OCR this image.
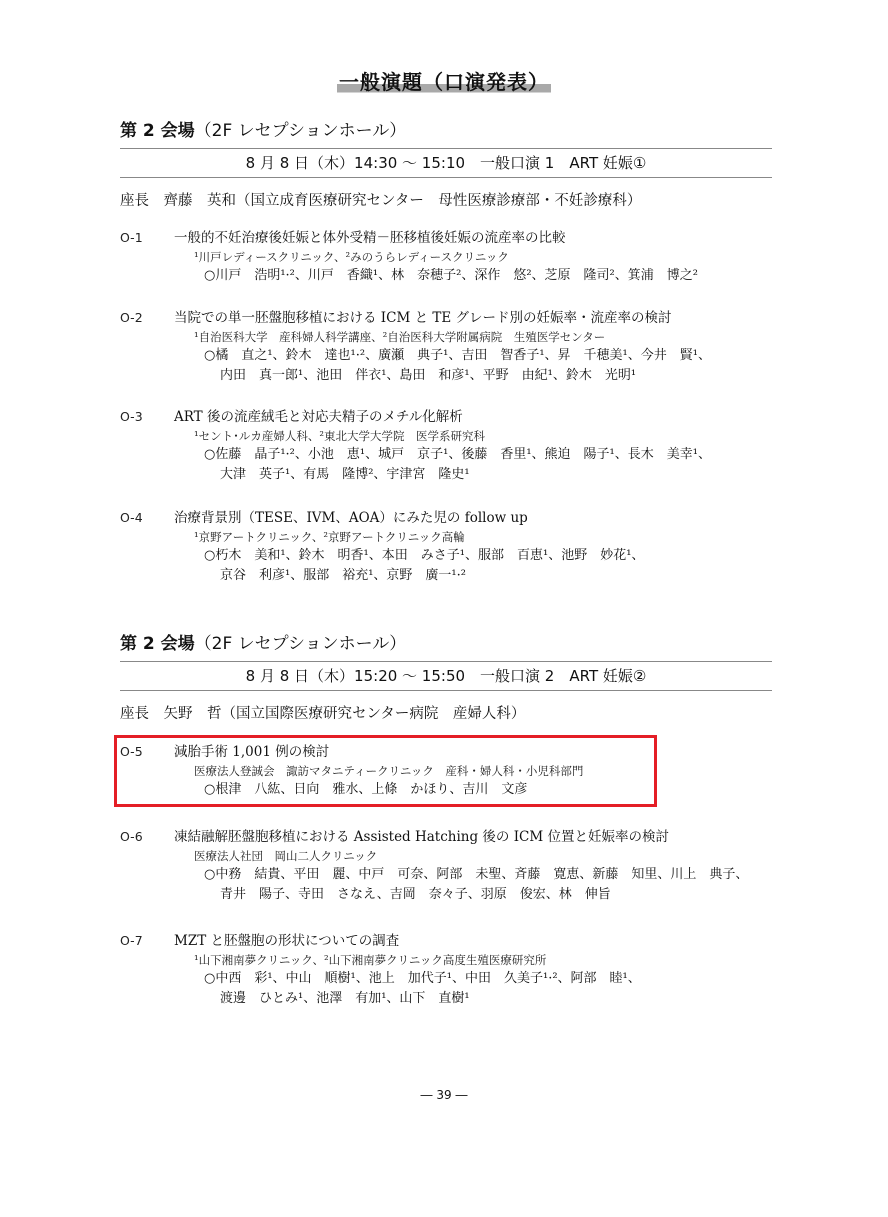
一般演題（口演発表）
第 2 会場（2F レセプションホール）
8 月 8 日（木）14:30 〜 15:10　一般口演 1　ART 妊娠①
座長　齊藤　英和（国立成育医療研究センター　母性医療診療部・不妊診療科）
O-1	一般的不妊治療後妊娠と体外受精－胚移植後妊娠の流産率の比較
¹川戸レディースクリニック、²みのうらレディースクリニック
○川戸　浩明¹·²、川戸　香織¹、林　奈穂子²、深作　悠²、芝原　隆司²、箕浦　博之²
O-2	当院での単一胚盤胞移植における ICM と TE グレード別の妊娠率・流産率の検討
¹自治医科大学　産科婦人科学講座、²自治医科大学附属病院　生殖医学センター
○橘　直之¹、鈴木　達也¹·²、廣瀬　典子¹、吉田　智香子¹、昇　千穂美¹、今井　賢¹、
内田　真一郎¹、池田　伴衣¹、島田　和彦¹、平野　由紀¹、鈴木　光明¹
O-3	ART 後の流産絨毛と対応夫精子のメチル化解析
¹セント･ルカ産婦人科、²東北大学大学院　医学系研究科
○佐藤　晶子¹·²、小池　恵¹、城戸　京子¹、後藤　香里¹、熊迫　陽子¹、長木　美幸¹、
大津　英子¹、有馬　隆博²、宇津宮　隆史¹
O-4	治療背景別（TESE、IVM、AOA）にみた児の follow up
¹京野アートクリニック、²京野アートクリニック高輪
○朽木　美和¹、鈴木　明香¹、本田　みさ子¹、服部　百恵¹、池野　妙花¹、
京谷　利彦¹、服部　裕充¹、京野　廣一¹·²
第 2 会場（2F レセプションホール）
8 月 8 日（木）15:20 〜 15:50　一般口演 2　ART 妊娠②
座長　矢野　哲（国立国際医療研究センター病院　産婦人科）
O-5	減胎手術 1,001 例の検討
医療法人登誠会　諏訪マタニティークリニック　産科・婦人科・小児科部門
○根津　八紘、日向　雅水、上條　かほり、吉川　文彦
O-6	凍結融解胚盤胞移植における Assisted Hatching 後の ICM 位置と妊娠率の検討
医療法人社団　岡山二人クリニック
○中務　結貴、平田　麗、中戸　可奈、阿部　未聖、斉藤　寛恵、新藤　知里、川上　典子、
青井　陽子、寺田　さなえ、吉岡　奈々子、羽原　俊宏、林　伸旨
O-7	MZT と胚盤胞の形状についての調査
¹山下湘南夢クリニック、²山下湘南夢クリニック高度生殖医療研究所
○中西　彩¹、中山　順樹¹、池上　加代子¹、中田　久美子¹·²、阿部　睦¹、
渡邊　ひとみ¹、池澤　有加¹、山下　直樹¹
― 39 ―
